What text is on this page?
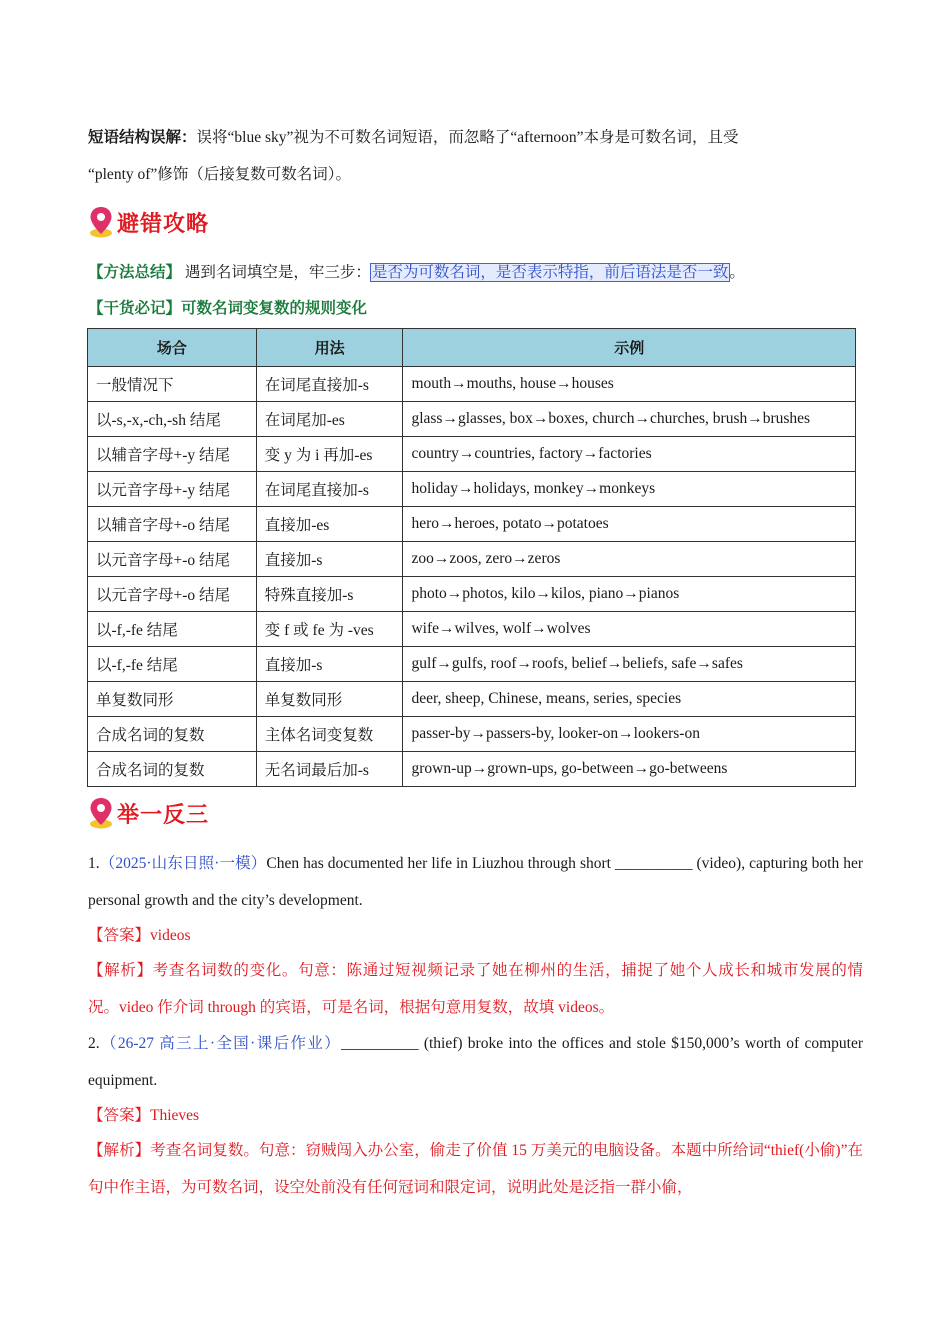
短语结构误解：误将“blue sky”视为不可数名词短语，而忽略了“afternoon”本身是可数名词，且受
“plenty of”修饰（后接复数可数名词）。
避错攻略
【方法总结】 遇到名词填空是，牢三步：是否为可数名词，是否表示特指，前后语法是否一致。
【干货必记】可数名词变复数的规则变化
场合	用法	示例
一般情况下	在词尾直接加-s	mouth→mouths, house→houses
以-s,-x,-ch,-sh 结尾	在词尾加-es	glass→glasses, box→boxes, church→churches, brush→brushes
以辅音字母+-y 结尾	变 y 为 i 再加-es	country→countries, factory→factories
以元音字母+-y 结尾	在词尾直接加-s	holiday→holidays, monkey→monkeys
以辅音字母+-o 结尾	直接加-es	hero→heroes, potato→potatoes
以元音字母+-o 结尾	直接加-s	zoo→zoos, zero→zeros
以元音字母+-o 结尾	特殊直接加-s	photo→photos, kilo→kilos, piano→pianos
以-f,-fe 结尾	变 f 或 fe 为 -ves	wife→wilves, wolf→wolves
以-f,-fe 结尾	直接加-s	gulf→gulfs, roof→roofs, belief→beliefs, safe→safes
单复数同形	单复数同形	deer, sheep, Chinese, means, series, species
合成名词的复数	主体名词变复数	passer-by→passers-by, looker-on→lookers-on
合成名词的复数	无名词最后加-s	grown-up→grown-ups, go-between→go-betweens
举一反三
1.（2025·山东日照·一模）Chen has documented her life in Liuzhou through short __________ (video), capturing both her personal growth and the city’s development.
【答案】videos
【解析】考查名词数的变化。句意：陈通过短视频记录了她在柳州的生活，捕捉了她个人成长和城市发展的情况。video 作介词 through 的宾语，可是名词，根据句意用复数，故填 videos。
2.（26-27 高三上·全国·课后作业）__________ (thief) broke into the offices and stole $150,000’s worth of computer equipment.
【答案】Thieves
【解析】考查名词复数。句意：窃贼闯入办公室，偷走了价值 15 万美元的电脑设备。本题中所给词“thief(小偷)”在句中作主语，为可数名词，设空处前没有任何冠词和限定词，说明此处是泛指一群小偷，
